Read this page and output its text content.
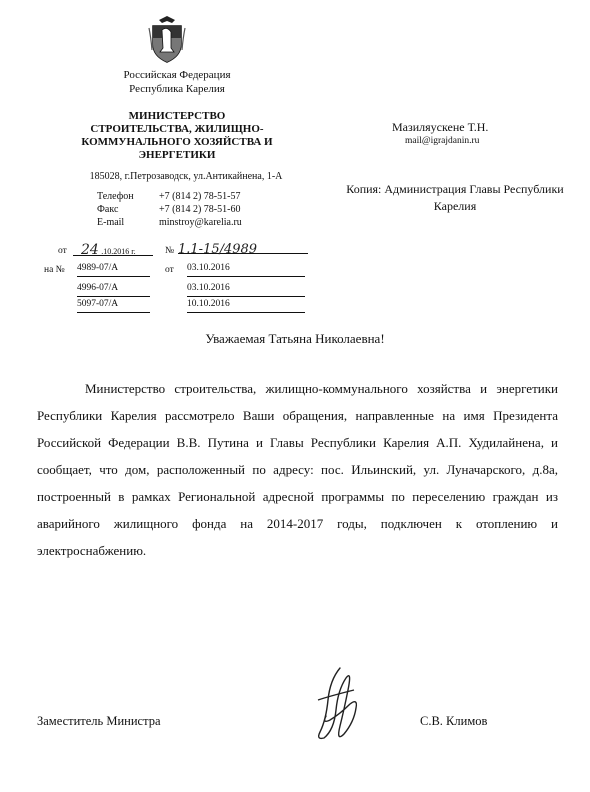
Российская Федерация
Республика Карелия
МИНИСТЕРСТВО
СТРОИТЕЛЬСТВА, ЖИЛИЩНО-
КОММУНАЛЬНОГО ХОЗЯЙСТВА И
ЭНЕРГЕТИКИ
185028, г.Петрозаводск, ул.Антикайнена, 1-А
Телефон	+7 (814 2) 78-51-57
Факс	+7 (814 2) 78-51-60
E-mail	minstroy@karelia.ru
Мазиляускене Т.Н.
mail@igrajdanin.ru
Копия: Администрация Главы Республики
Карелия
от	24 .10.2016 г.	№ 1.1-15/4989
на № 4989-07/А	от 03.10.2016
4996-07/А	03.10.2016
5097-07/А	10.10.2016
Уважаемая Татьяна Николаевна!
Министерство строительства, жилищно-коммунального хозяйства и энергетики Республики Карелия рассмотрело Ваши обращения, направленные на имя Президента Российской Федерации В.В. Путина и Главы Республики Карелия А.П. Худилайнена, и сообщает, что дом, расположенный по адресу: пос. Ильинский, ул. Луначарского, д.8а, построенный в рамках Региональной адресной программы по переселению граждан из аварийного жилищного фонда на 2014-2017 годы, подключен к отоплению и электроснабжению.
Заместитель Министра	С.В. Климов
